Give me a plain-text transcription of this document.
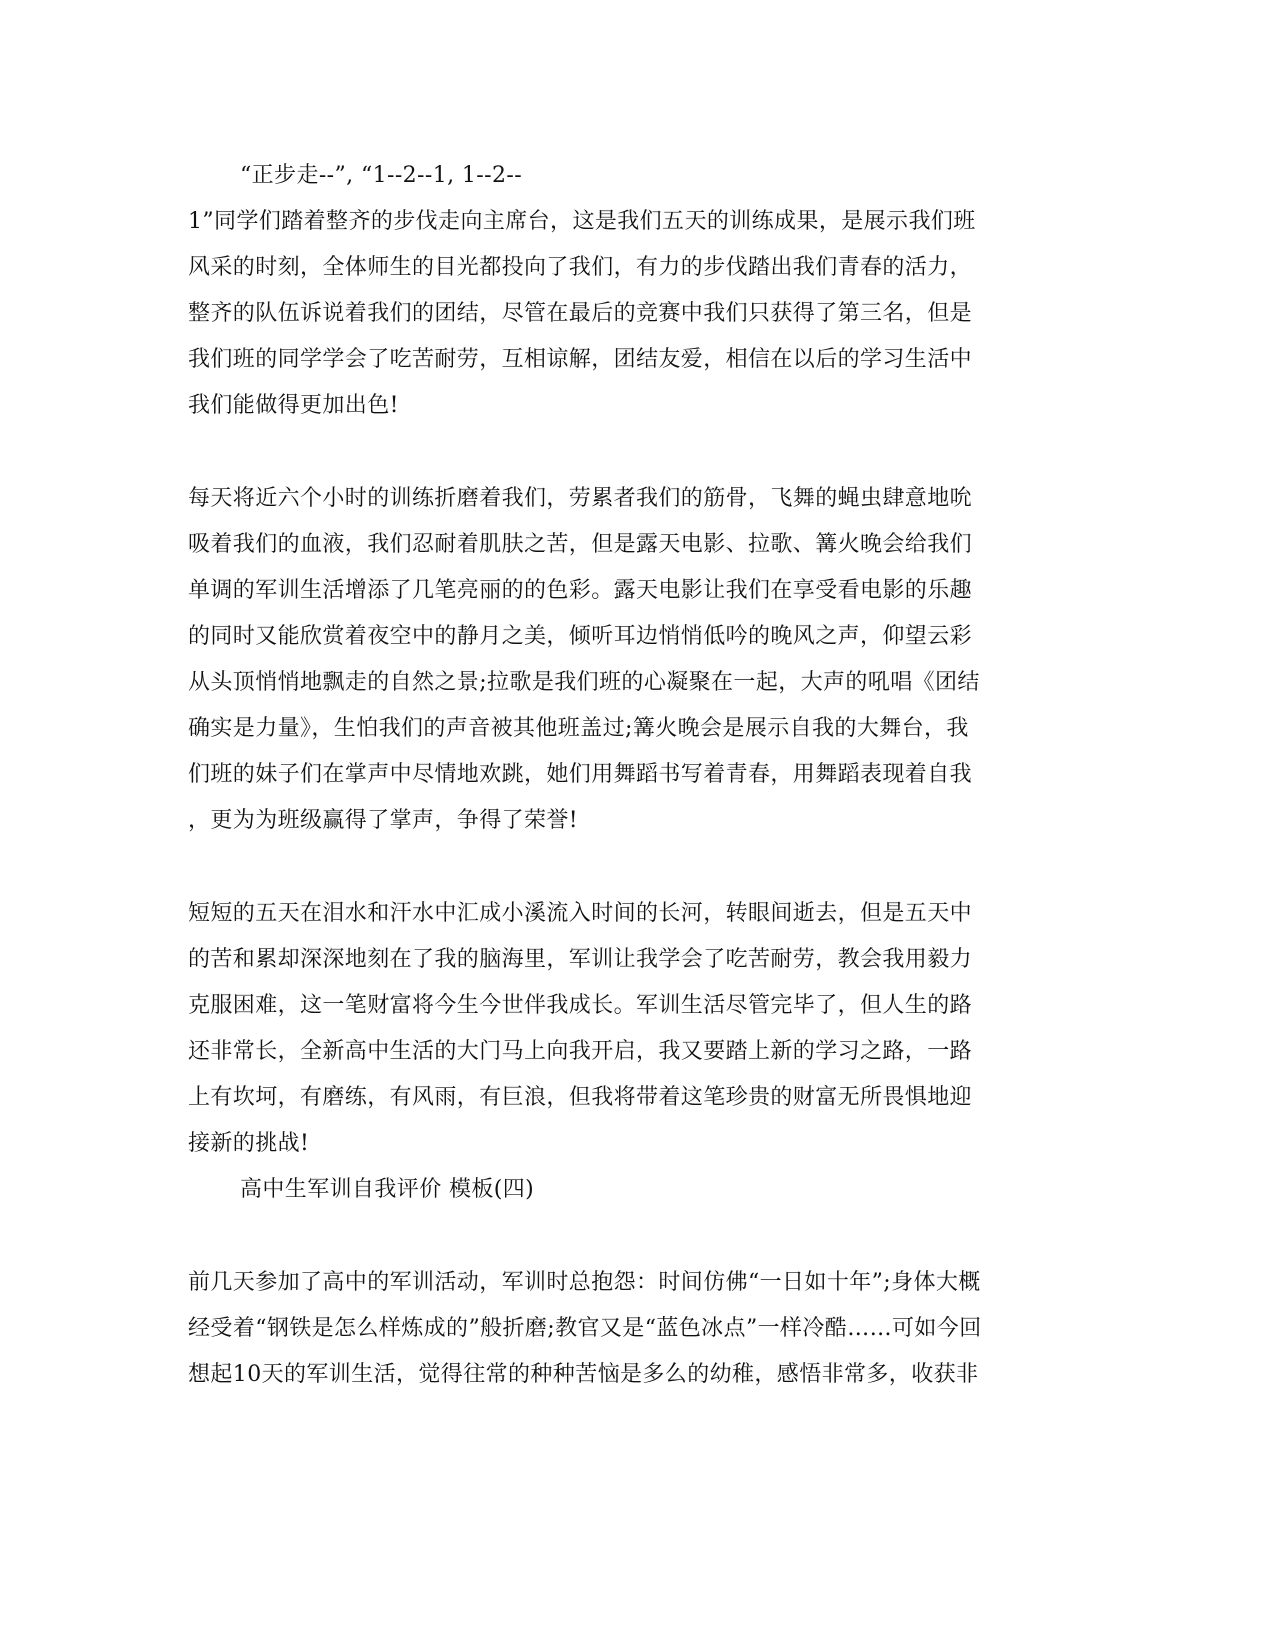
“正步走--”, “1--2--1, 1--2--
1”同学们踏着整齐的步伐走向主席台，这是我们五天的训练成果，是展示我们班
风采的时刻，全体师生的目光都投向了我们，有力的步伐踏出我们青春的活力，
整齐的队伍诉说着我们的团结，尽管在最后的竞赛中我们只获得了第三名，但是
我们班的同学学会了吃苦耐劳，互相谅解，团结友爱，相信在以后的学习生活中
我们能做得更加出色!
每天将近六个小时的训练折磨着我们，劳累者我们的筋骨，飞舞的蝇虫肆意地吮
吸着我们的血液，我们忍耐着肌肤之苦，但是露天电影、拉歌、篝火晚会给我们
单调的军训生活增添了几笔亮丽的的色彩。露天电影让我们在享受看电影的乐趣
的同时又能欣赏着夜空中的静月之美，倾听耳边悄悄低吟的晚风之声，仰望云彩
从头顶悄悄地飘走的自然之景;拉歌是我们班的心凝聚在一起，大声的吼唱《团结
确实是力量》，生怕我们的声音被其他班盖过;篝火晚会是展示自我的大舞台，我
们班的妹子们在掌声中尽情地欢跳，她们用舞蹈书写着青春，用舞蹈表现着自我
，更为为班级赢得了掌声，争得了荣誉!
短短的五天在泪水和汗水中汇成小溪流入时间的长河，转眼间逝去，但是五天中
的苦和累却深深地刻在了我的脑海里，军训让我学会了吃苦耐劳，教会我用毅力
克服困难，这一笔财富将今生今世伴我成长。军训生活尽管完毕了，但人生的路
还非常长，全新高中生活的大门马上向我开启，我又要踏上新的学习之路，一路
上有坎坷，有磨练，有风雨，有巨浪，但我将带着这笔珍贵的财富无所畏惧地迎
接新的挑战!
高中生军训自我评价 模板(四)
前几天参加了高中的军训活动，军训时总抱怨：时间仿佛“一日如十年”;身体大概
经受着“钢铁是怎么样炼成的”般折磨;教官又是“蓝色冰点”一样冷酷……可如今回
想起10天的军训生活，觉得往常的种种苦恼是多么的幼稚，感悟非常多，收获非
